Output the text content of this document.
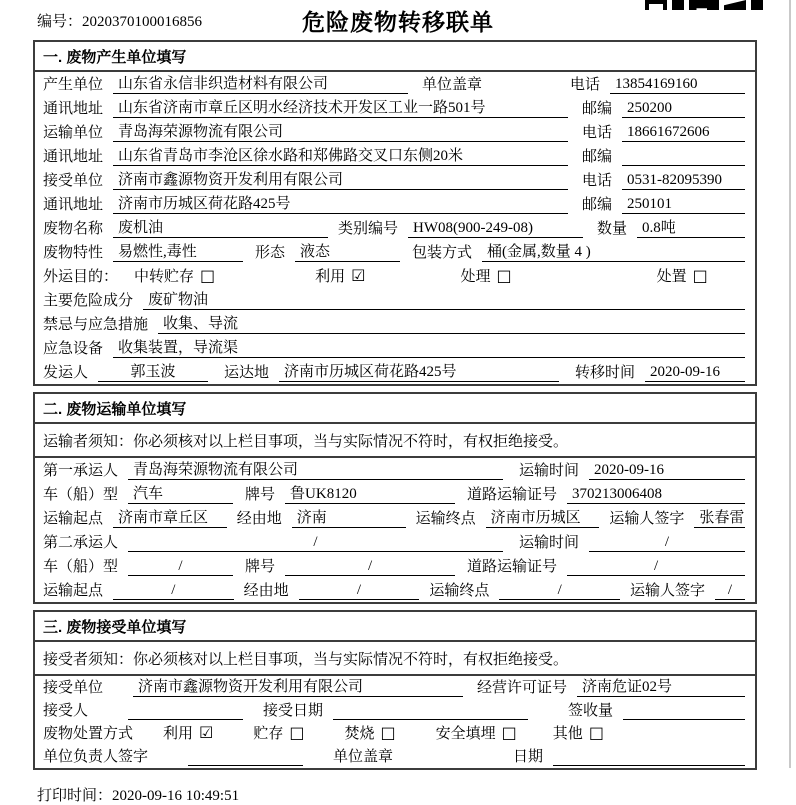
编号：2020370100016856	危险废物转移联单
一. 废物产生单位填写
产生单位	山东省永信非织造材料有限公司	单位盖章	电话	13854169160
通讯地址	山东省济南市章丘区明水经济技术开发区工业一路501号	邮编	250200
运输单位	青岛海荣源物流有限公司	电话	18661672606
通讯地址	山东省青岛市李沧区徐水路和郑佛路交叉口东侧20米	邮编
接受单位	济南市鑫源物资开发利用有限公司	电话	0531-82095390
通讯地址	济南市历城区荷花路425号	邮编	250101
废物名称	废机油	类别编号	HW08(900-249-08)	数量	0.8吨
废物特性	易燃性,毒性	形态	液态	包装方式	桶(金属,数量 4 )
外运目的： 中转贮存 □	利用 ☑	处理 □	处置 □
主要危险成分	废矿物油
禁忌与应急措施	收集、导流
应急设备	收集装置，导流渠
发运人	郭玉波	运达地	济南市历城区荷花路425号	转移时间	2020-09-16
二. 废物运输单位填写
运输者须知：你必须核对以上栏目事项，当与实际情况不符时，有权拒绝接受。
第一承运人	青岛海荣源物流有限公司	运输时间	2020-09-16
车（船）型	汽车	牌号	鲁UK8120	道路运输证号	370213006408
运输起点	济南市章丘区	经由地	济南	运输终点	济南市历城区	运输人签字	张春雷
第二承运人	/	运输时间	/
车（船）型	/	牌号	/	道路运输证号	/
运输起点	/	经由地	/	运输终点	/	运输人签字	/
三. 废物接受单位填写
接受者须知：你必须核对以上栏目事项，当与实际情况不符时，有权拒绝接受。
接受单位	济南市鑫源物资开发利用有限公司	经营许可证号	济南危证02号
接受人	接受日期	签收量
废物处置方式 利用 ☑	贮存 □	焚烧 □	安全填埋 □ 其他 □
单位负责人签字	单位盖章	日期
打印时间：2020-09-16 10:49:51
